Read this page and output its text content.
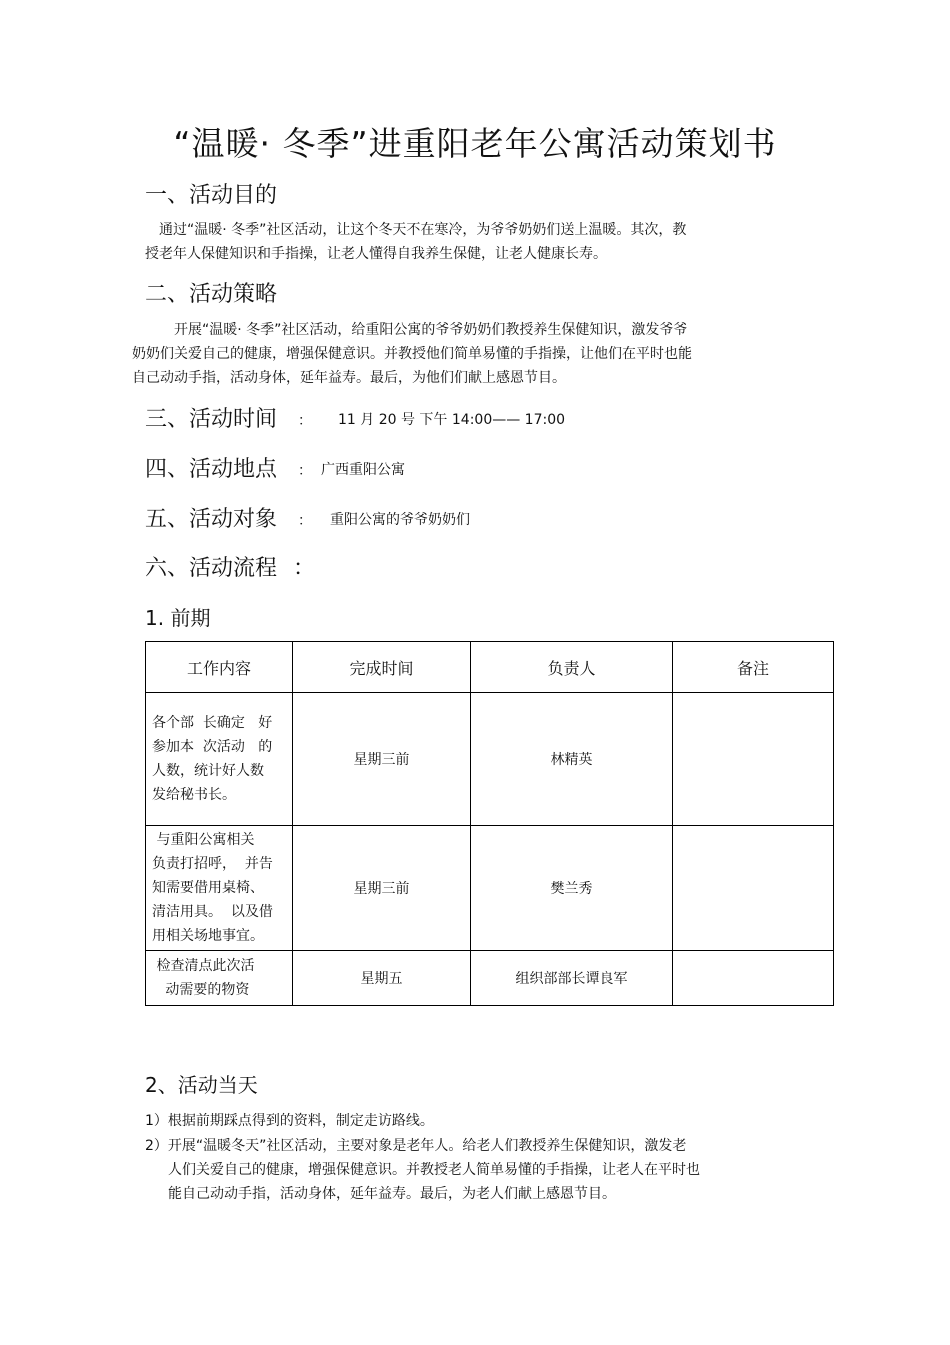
“温暖· 冬季”进重阳老年公寓活动策划书
一、活动目的
通过“温暖· 冬季”社区活动，让这个冬天不在寒冷，为爷爷奶奶们送上温暖。其次，教
授老年人保健知识和手指操，让老人懂得自我养生保健，让老人健康长寿。
二、活动策略
开展“温暖· 冬季”社区活动，给重阳公寓的爷爷奶奶们教授养生保健知识，激发爷爷
奶奶们关爱自己的健康，增强保健意识。并教授他们简单易懂的手指操，让他们在平时也能
自己动动手指，活动身体，延年益寿。最后，为他们们献上感恩节目。
三、活动时间 ： 11 月 20 号 下午 14:00—— 17:00
四、活动地点 ： 广西重阳公寓
五、活动对象 ： 重阳公寓的爷爷奶奶们
六、活动流程 ：
1. 前期
工作内容	完成时间	负责人	备注

各个部  长确定   好
参加本  次活动   的
人数，统计好人数
发给秘书长。	星期三前	林精英	

与重阳公寓相关
负责打招呼，  并告
知需要借用桌椅、
清洁用具。  以及借
用相关场地事宜。	星期三前	樊兰秀	

检查清点此次活
动需要的物资	星期五	组织部部长谭良军	
2、活动当天
1）根据前期踩点得到的资料，制定走访路线。
2）开展“温暖冬天”社区活动，主要对象是老年人。给老人们教授养生保健知识，激发老
人们关爱自己的健康，增强保健意识。并教授老人简单易懂的手指操，让老人在平时也
能自己动动手指，活动身体，延年益寿。最后，为老人们献上感恩节目。
